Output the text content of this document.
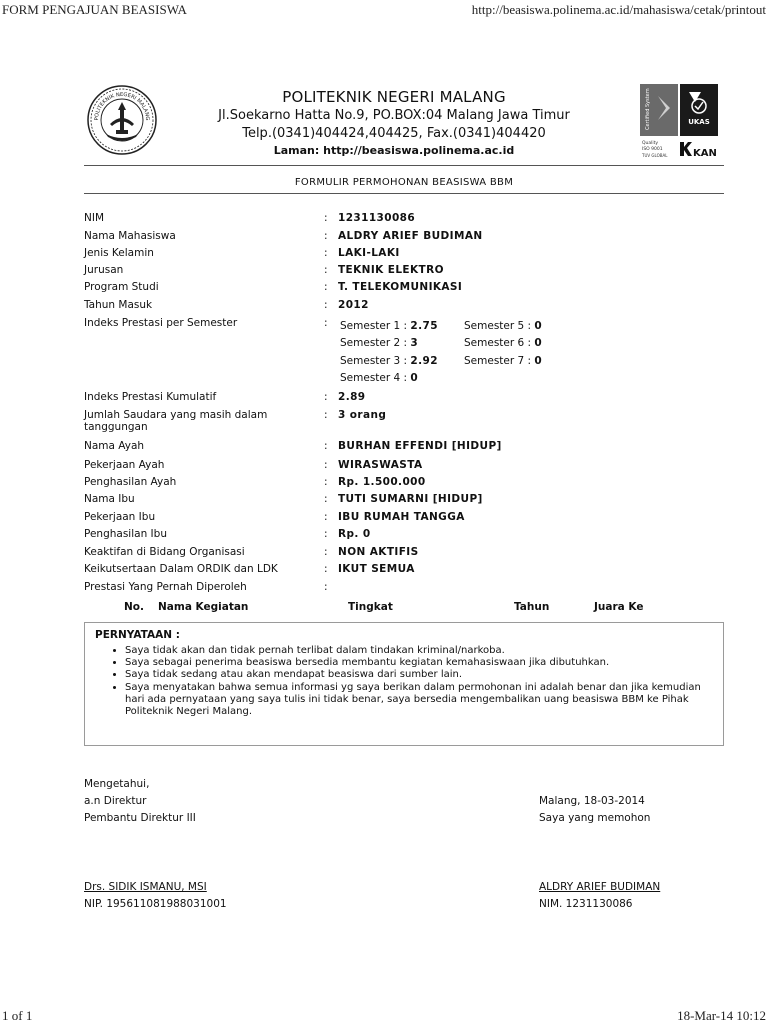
FORM PENGAJUAN BEASISWA	http://beasiswa.polinema.ac.id/mahasiswa/cetak/printout
POLITEKNIK NEGERI MALANG
POLITEKNIK NEGERI MALANG
Jl.Soekarno Hatta No.9, PO.BOX:04 Malang Jawa Timur
Telp.(0341)404424,404425, Fax.(0341)404420
Laman: http://beasiswa.polinema.ac.id
Certified System	UKAS
Quality
ISO 9001
TUV GLOBAL	KAN
FORMULIR PERMOHONAN BEASISWA BBM
NIM	: 1231130086
Nama Mahasiswa	: ALDRY ARIEF BUDIMAN
Jenis Kelamin	: LAKI-LAKI
Jurusan	: TEKNIK ELEKTRO
Program Studi	: T. TELEKOMUNIKASI
Tahun Masuk	: 2012
Indeks Prestasi per Semester	: Semester 1 : 2.75
Semester 2 : 3
Semester 3 : 2.92
Semester 4 : 0
Semester 5 : 0
Semester 6 : 0
Semester 7 : 0
Indeks Prestasi Kumulatif	: 2.89
Jumlah Saudara yang masih dalam
tanggungan
: 3 orang
Nama Ayah	: BURHAN EFFENDI [HIDUP]
Pekerjaan Ayah	: WIRASWASTA
Penghasilan Ayah	: Rp. 1.500.000
Nama Ibu	: TUTI SUMARNI [HIDUP]
Pekerjaan Ibu	: IBU RUMAH TANGGA
Penghasilan Ibu	: Rp. 0
Keaktifan di Bidang Organisasi	: NON AKTIFIS
Keikutsertaan Dalam ORDIK dan LDK	: IKUT SEMUA
Prestasi Yang Pernah Diperoleh	:
No. Nama Kegiatan	Tingkat	Tahun	Juara Ke
PERNYATAAN :
• Saya tidak akan dan tidak pernah terlibat dalam tindakan kriminal/narkoba.
• Saya sebagai penerima beasiswa bersedia membantu kegiatan kemahasiswaan jika dibutuhkan.
• Saya tidak sedang atau akan mendapat beasiswa dari sumber lain.
• Saya menyatakan bahwa semua informasi yg saya berikan dalam permohonan ini adalah benar dan jika kemudian hari ada pernyataan yang saya tulis ini tidak benar, saya bersedia mengembalikan uang beasiswa BBM ke Pihak Politeknik Negeri Malang.
Mengetahui,
a.n Direktur
Pembantu Direktur III
Drs. SIDIK ISMANU, MSI
NIP. 195611081988031001
Malang, 18-03-2014
Saya yang memohon
ALDRY ARIEF BUDIMAN
NIM. 1231130086
1 of 1	18-Mar-14 10:12
